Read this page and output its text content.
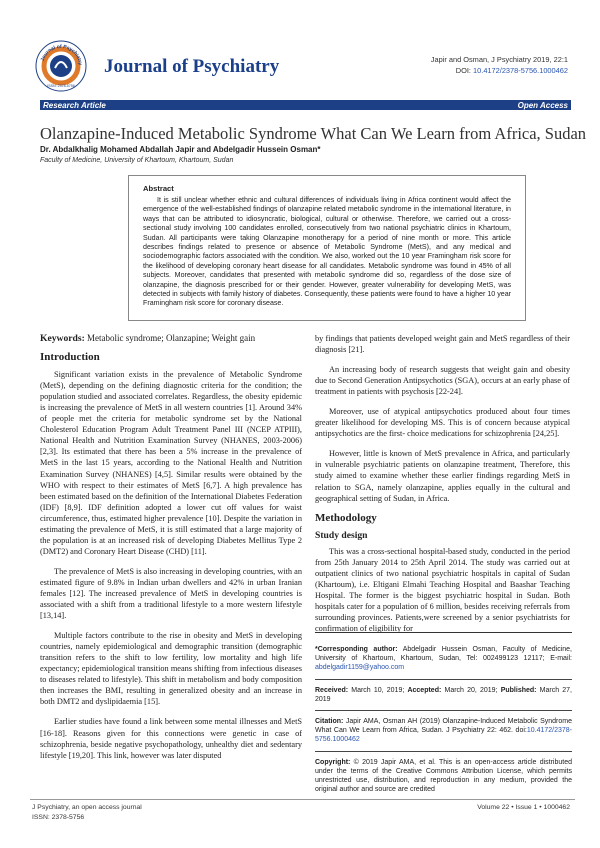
Journal of Psychiatry
ISSN: 2378-5756
Journal of Psychiatry	Japir and Osman, J Psychiatry 2019, 22:1
DOI: 10.4172/2378-5756.1000462
Research Article	Open Access
Olanzapine-Induced Metabolic Syndrome What Can We Learn from Africa, Sudan
Dr. Abdalkhalig Mohamed Abdallah Japir and Abdelgadir Hussein Osman*
Faculty of Medicine, University of Khartoum, Khartoum, Sudan
Abstract
It is still unclear whether ethnic and cultural differences of individuals living in Africa continent would affect the emergence of the well-established findings of olanzapine related metabolic syndrome in the international literature, in ways that can be attributed to idiosyncratic, biological, cultural or otherwise. Therefore, we carried out a cross-sectional study involving 100 candidates enrolled, consecutively from two national psychiatric clinics in Khartoum, Sudan. All participants were taking Olanzapine monotherapy for a period of nine month or more. This article describes findings related to presence or absence of Metabolic Syndrome (MetS), and any medical and sociodemographic factors associated with the condition. We also, worked out the 10 year Framingham risk score for the likelihood of developing coronary heart disease for all candidates. Metabolic syndrome was found in 45% of all subjects. Moreover, candidates that presented with metabolic syndrome did so, regardless of the dose size of olanzapine, the diagnosis prescribed for or their gender. However, greater vulnerability for developing MetS, was detected in subjects with family history of diabetes. Consequently, these patients were found to have a higher 10 year Framingham risk score for coronary disease.
Keywords: Metabolic syndrome; Olanzapine; Weight gain
Introduction

Significant variation exists in the prevalence of Metabolic Syndrome (MetS), depending on the defining diagnostic criteria for the condition; the population studied and associated correlates. Regardless, the obesity epidemic is increasing the prevalence of MetS in all western countries [1]. Around 34% of people met the criteria for metabolic syndrome set by the National Cholesterol Education Program Adult Treatment Panel III (NCEP ATPIII), National Health and Nutrition Examination Survey (NHANES, 2003-2006) [2,3]. Its estimated that there has been a 5% increase in the prevalence of MetS in the last 15 years, according to the National Health and Nutrition Examination Survey (NHANES) [4,5]. Similar results were obtained by the WHO with respect to their estimates of MetS [6,7]. A high prevalence has been estimated based on the definition of the International Diabetes Federation (IDF) [8,9]. IDF definition adopted a lower cut off values for waist circumference, thus, estimated higher prevalence [10]. Despite the variation in estimating the prevalence of MetS, it is still estimated that a large majority of the population is at an increased risk of developing Diabetes Mellitus Type 2 (DMT2) and Coronary Heart Disease (CHD) [11].

The prevalence of MetS is also increasing in developing countries, with an estimated figure of 9.8% in Indian urban dwellers and 42% in urban Iranian females [12]. The increased prevalence of MetS in developing countries is associated with a shift from a traditional lifestyle to a more western lifestyle [13,14].

Multiple factors contribute to the rise in obesity and MetS in developing countries, namely epidemiological and demographic transition (demographic transition refers to the shift to low fertility, low mortality and high life expectancy; epidemiological transition means shifting from infectious diseases to diseases related to lifestyle). This shift in metabolism and body composition then increases the BMI, resulting in generalized obesity and an increase in both DMT2 and dyslipidaemia [15].

Earlier studies have found a link between some mental illnesses and MetS [16-18]. Reasons given for this connections were genetic in case of schizophrenia, beside negative psychopathology, unhealthy diet and sedentary lifestyle [19,20]. This link, however was later disputed

by findings that patients developed weight gain and MetS regardless of their diagnosis [21].

An increasing body of research suggests that weight gain and obesity due to Second Generation Antipsychotics (SGA), occurs at an early phase of treatment in patients with psychosis [22-24].

Moreover, use of atypical antipsychotics produced about four times greater likelihood for developing MS. This is of concern because atypical antipsychotics are the first- choice medications for schizophrenia [24,25].

However, little is known of MetS prevalence in Africa, and particularly in vulnerable psychiatric patients on olanzapine treatment, Therefore, this study aimed to examine whether these earlier findings regarding MetS in relation to SGA, namely olanzapine, applies equally in the cultural and geographical setting of Sudan, in Africa.

Methodology
Study design

This was a cross-sectional hospital-based study, conducted in the period from 25th January 2014 to 25th April 2014. The study was carried out at outpatient clinics of two national psychiatric hospitals in capital of Sudan (Khartoum), i.e. Eltigani Elmahi Teaching Hospital and Baashar Teaching Hospital. The former is the biggest psychiatric hospital in Sudan. Both hospitals cater for a population of 6 million, besides receiving referrals from surrounding provinces. Patients,were screened by a senior psychiatrists for confirmation of eligibility for

*Corresponding author: Abdelgadir Hussein Osman, Faculty of Medicine, University of Khartoum, Khartoum, Sudan, Tel: 002499123 12117; E-mail: abdelgadir1159@yahoo.com

Received: March 10, 2019; Accepted: March 20, 2019; Published: March 27, 2019

Citation: Japir AMA, Osman AH (2019) Olanzapine-Induced Metabolic Syndrome What Can We Learn from Africa, Sudan. J Psychiatry 22: 462. doi:10.4172/2378-5756.1000462

Copyright: © 2019 Japir AMA, et al. This is an open-access article distributed under the terms of the Creative Commons Attribution License, which permits unrestricted use, distribution, and reproduction in any medium, provided the original author and source are credited

J Psychiatry, an open access journal
ISSN: 2378-5756
Volume 22 • Issue 1 • 1000462
